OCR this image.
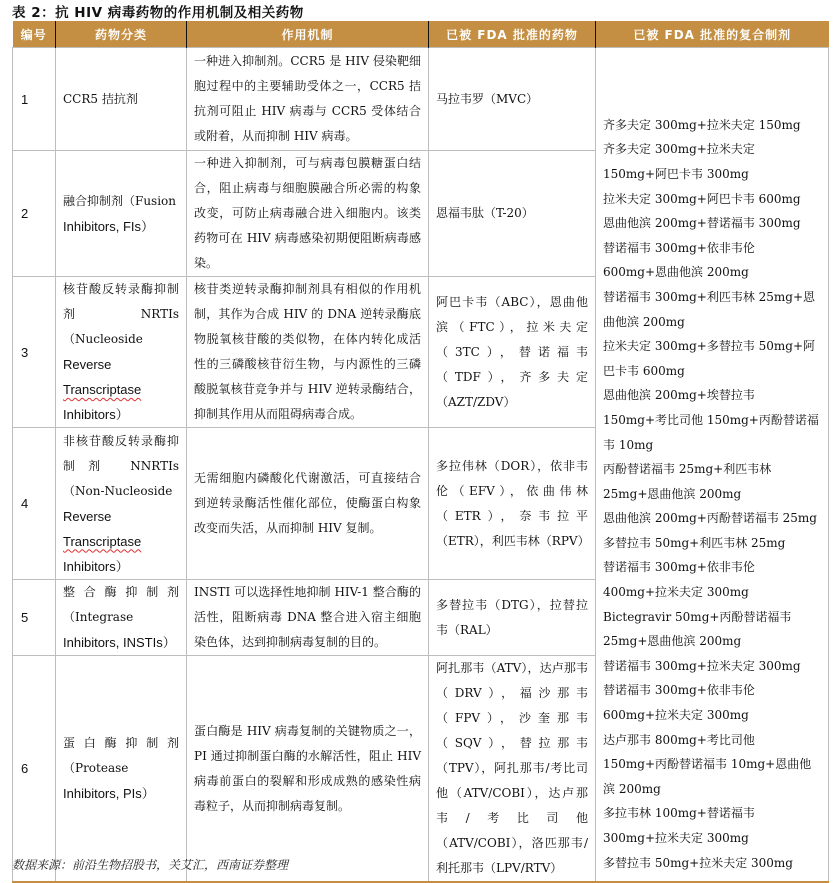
表 2：抗 HIV 病毒药物的作用机制及相关药物
编号	药物分类	作用机制	已被 FDA 批准的药物	已被 FDA 批准的复合制剂
1	CCR5 拮抗剂	一种进入抑制剂。CCR5 是 HIV 侵染靶细胞过程中的主要辅助受体之一，CCR5 拮抗剂可阻止 HIV 病毒与 CCR5 受体结合或附着，从而抑制 HIV 病毒。	马拉韦罗（MVC）	
齐多夫定 300mg+拉米夫定 150mg
齐多夫定 300mg+拉米夫定 150mg+阿巴卡韦 300mg
拉米夫定 300mg+阿巴卡韦 600mg
恩曲他滨 200mg+替诺福韦 300mg
替诺福韦 300mg+依非韦伦 600mg+恩曲他滨 200mg
替诺福韦 300mg+利匹韦林 25mg+恩曲他滨 200mg
拉米夫定 300mg+多替拉韦 50mg+阿巴卡韦 600mg
恩曲他滨 200mg+埃替拉韦 150mg+考比司他 150mg+丙酚替诺福韦 10mg
丙酚替诺福韦 25mg+利匹韦林 25mg+恩曲他滨 200mg
恩曲他滨 200mg+丙酚替诺福韦 25mg
多替拉韦 50mg+利匹韦林 25mg
替诺福韦 300mg+依非韦伦 400mg+拉米夫定 300mg
Bictegravir 50mg+丙酚替诺福韦 25mg+恩曲他滨 200mg
替诺福韦 300mg+拉米夫定 300mg
替诺福韦 300mg+依非韦伦 600mg+拉米夫定 300mg
达卢那韦 800mg+考比司他 150mg+丙酚替诺福韦 10mg+恩曲他滨 200mg
多拉韦林 100mg+替诺福韦 300mg+拉米夫定 300mg
多替拉韦 50mg+拉米夫定 300mg

2	融合抑制剂（Fusion
Inhibitors, FIs）	一种进入抑制剂，可与病毒包膜糖蛋白结合，阻止病毒与细胞膜融合所必需的构象改变，可防止病毒融合进入细胞内。该类药物可在 HIV 病毒感染初期便阻断病毒感染。	恩福韦肽（T-20）	
3	核苷酸反转录酶抑制剂 NRTIs（Nucleoside
Reverse
Transcriptase
Inhibitors）	核苷类逆转录酶抑制剂具有相似的作用机制，其作为合成 HIV 的 DNA 逆转录酶底物脱氧核苷酸的类似物，在体内转化成活性的三磷酸核苷衍生物，与内源性的三磷酸脱氧核苷竞争并与 HIV 逆转录酶结合，抑制其作用从而阻碍病毒合成。	阿巴卡韦（ABC），恩曲他滨（FTC），拉米夫定（3TC），替诺福韦（TDF），齐多夫定（AZT/ZDV）	
4	非核苷酸反转录酶抑制剂 NNRTIs（Non-Nucleoside
Reverse
Transcriptase
Inhibitors）	无需细胞内磷酸化代谢激活，可直接结合到逆转录酶活性催化部位，使酶蛋白构象改变而失活，从而抑制 HIV 复制。	多拉伟林（DOR），依非韦伦（EFV），依曲伟林（ETR），奈韦拉平（ETR），利匹韦林（RPV）	
5	整合酶抑制剂（Integrase
Inhibitors, INSTIs）	INSTI 可以选择性地抑制 HIV-1 整合酶的活性，阻断病毒 DNA 整合进入宿主细胞染色体，达到抑制病毒复制的目的。	多替拉韦（DTG），拉替拉韦（RAL）	
6	蛋白酶抑制剂（Protease
Inhibitors, PIs）	蛋白酶是 HIV 病毒复制的关键物质之一，PI 通过抑制蛋白酶的水解活性，阻止 HIV 病毒前蛋白的裂解和形成成熟的感染性病毒粒子，从而抑制病毒复制。	阿扎那韦（ATV），达卢那韦（DRV），福沙那韦（FPV），沙奎那韦（SQV），替拉那韦（TPV），阿扎那韦/考比司他（ATV/COBI），达卢那韦/考比司他（ATV/COBI），洛匹那韦/利托那韦（LPV/RTV）	
数据来源：前沿生物招股书，关艾汇，西南证券整理
